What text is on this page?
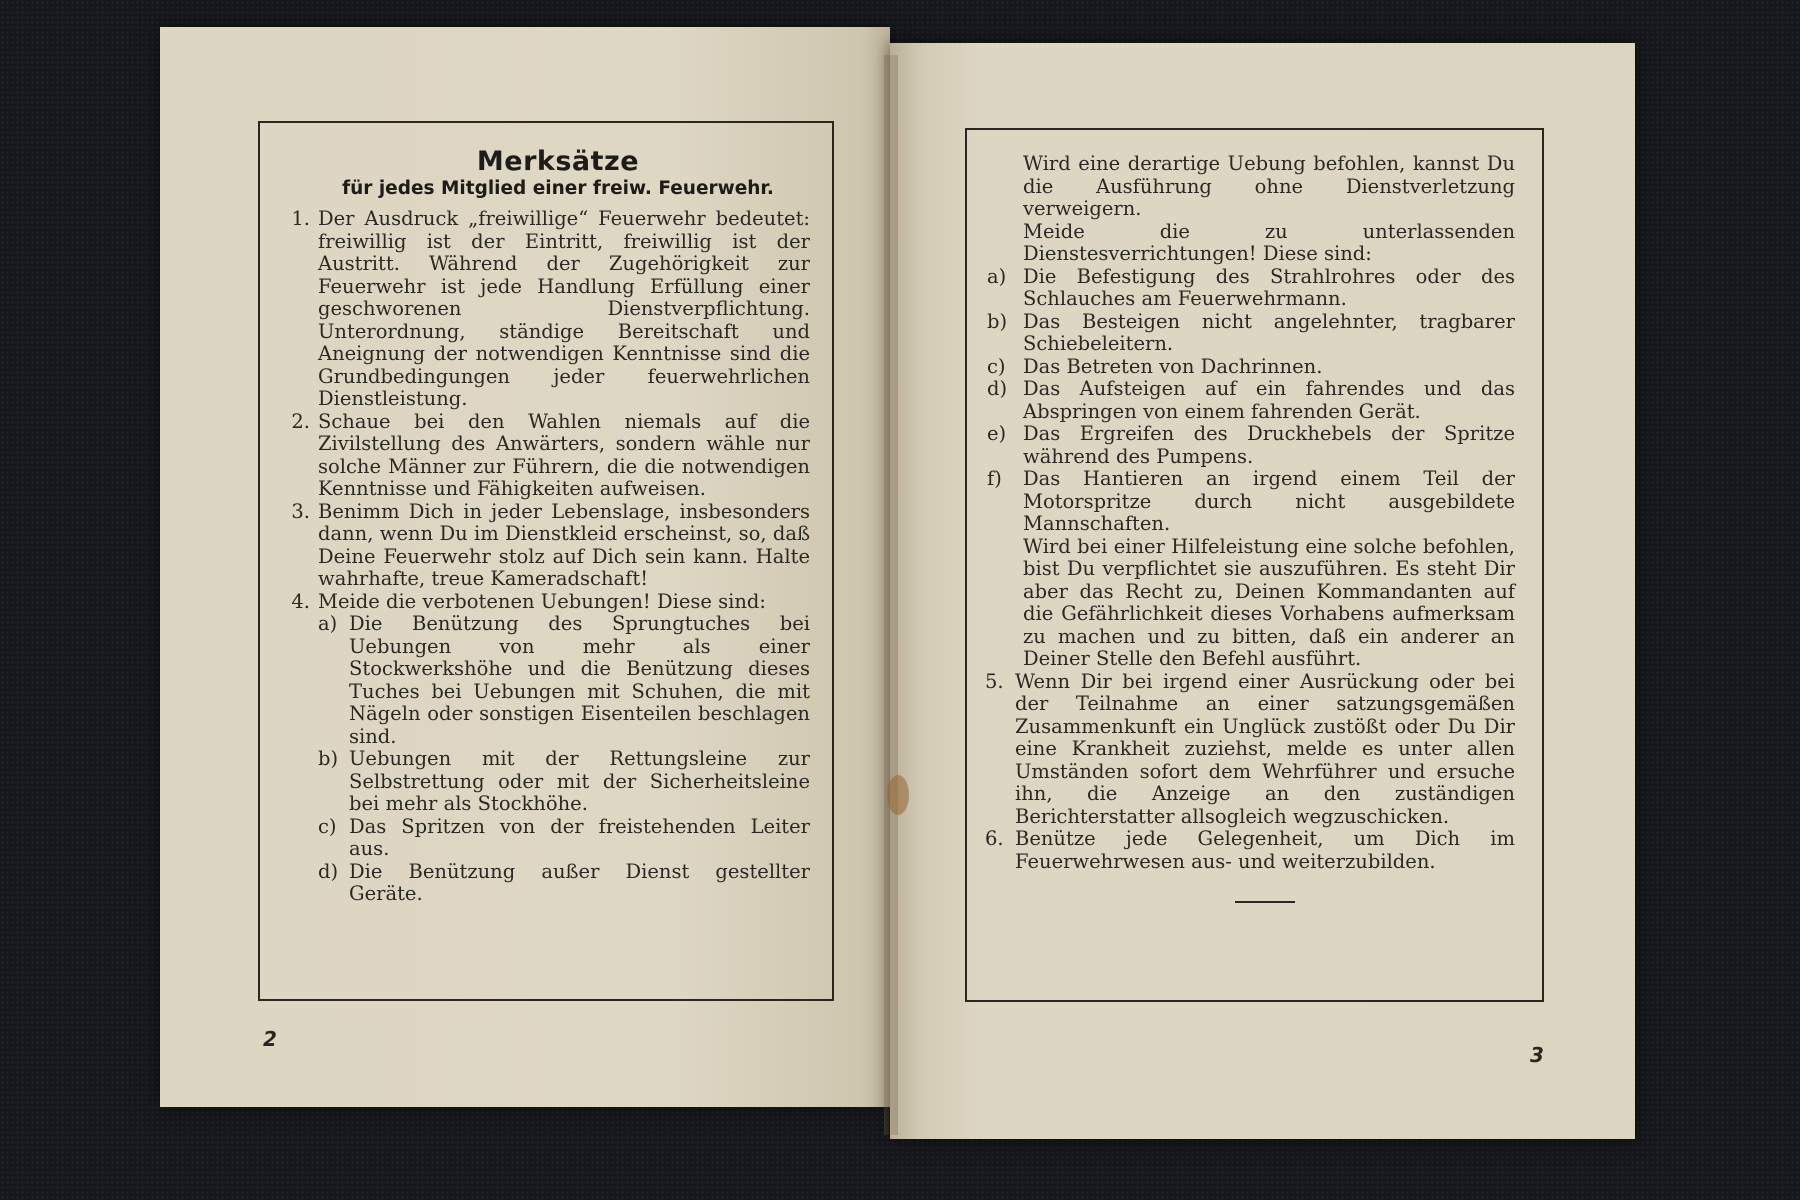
Merksätze
für jedes Mitglied einer freiw. Feuerwehr.
1. Der Ausdruck „freiwillige“ Feuerwehr bedeutet: freiwillig ist der Eintritt, freiwillig ist der Austritt. Während der Zugehörigkeit zur Feuerwehr ist jede Handlung Erfüllung einer geschworenen Dienstverpflichtung. Unterordnung, ständige Bereitschaft und Aneignung der notwendigen Kenntnisse sind die Grundbedingungen jeder feuerwehrlichen Dienstleistung.
2. Schaue bei den Wahlen niemals auf die Zivilstellung des Anwärters, sondern wähle nur solche Männer zur Führern, die die notwendigen Kenntnisse und Fähigkeiten aufweisen.
3. Benimm Dich in jeder Lebenslage, insbesonders dann, wenn Du im Dienstkleid erscheinst, so, daß Deine Feuerwehr stolz auf Dich sein kann. Halte wahrhafte, treue Kameradschaft!
4. Meide die verbotenen Uebungen! Diese sind:
a) Die Benützung des Sprungtuches bei Uebungen von mehr als einer Stockwerkshöhe und die Benützung dieses Tuches bei Uebungen mit Schuhen, die mit Nägeln oder sonstigen Eisenteilen beschlagen sind.
b) Uebungen mit der Rettungsleine zur Selbstrettung oder mit der Sicherheitsleine bei mehr als Stockhöhe.
c) Das Spritzen von der freistehenden Leiter aus.
d) Die Benützung außer Dienst gestellter Geräte.
2
Wird eine derartige Uebung befohlen, kannst Du die Ausführung ohne Dienstverletzung verweigern.
Meide die zu unterlassenden Dienstesverrichtungen! Diese sind:
a) Die Befestigung des Strahlrohres oder des Schlauches am Feuerwehrmann.
b) Das Besteigen nicht angelehnter, tragbarer Schiebeleitern.
c) Das Betreten von Dachrinnen.
d) Das Aufsteigen auf ein fahrendes und das Abspringen von einem fahrenden Gerät.
e) Das Ergreifen des Druckhebels der Spritze während des Pumpens.
f) Das Hantieren an irgend einem Teil der Motorspritze durch nicht ausgebildete Mannschaften.
Wird bei einer Hilfeleistung eine solche befohlen, bist Du verpflichtet sie auszuführen. Es steht Dir aber das Recht zu, Deinen Kommandanten auf die Gefährlichkeit dieses Vorhabens aufmerksam zu machen und zu bitten, daß ein anderer an Deiner Stelle den Befehl ausführt.
5. Wenn Dir bei irgend einer Ausrückung oder bei der Teilnahme an einer satzungsgemäßen Zusammenkunft ein Unglück zustößt oder Du Dir eine Krankheit zuziehst, melde es unter allen Umständen sofort dem Wehrführer und ersuche ihn, die Anzeige an den zuständigen Berichterstatter allsogleich wegzuschicken.
6. Benütze jede Gelegenheit, um Dich im Feuerwehrwesen aus- und weiterzubilden.
3
